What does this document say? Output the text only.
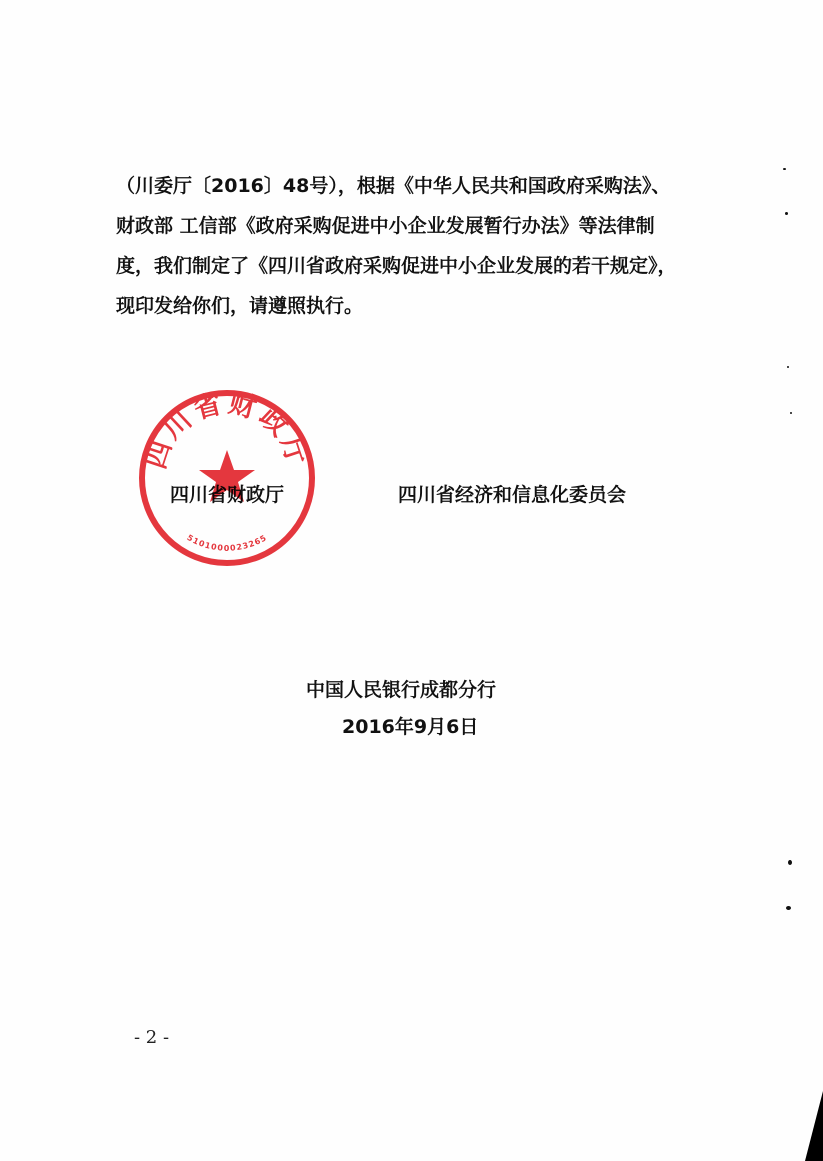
（川委厅〔2016〕48号），根据《中华人民共和国政府采购法》、
财政部 工信部《政府采购促进中小企业发展暂行办法》等法律制
度，我们制定了《四川省政府采购促进中小企业发展的若干规定》，
现印发给你们，请遵照执行。

四川省财政厅

四川省财政厅
5101000023265

四川省经济和信息化委员会

中国人民银行成都分行

2016年9月6日

- 2 -
